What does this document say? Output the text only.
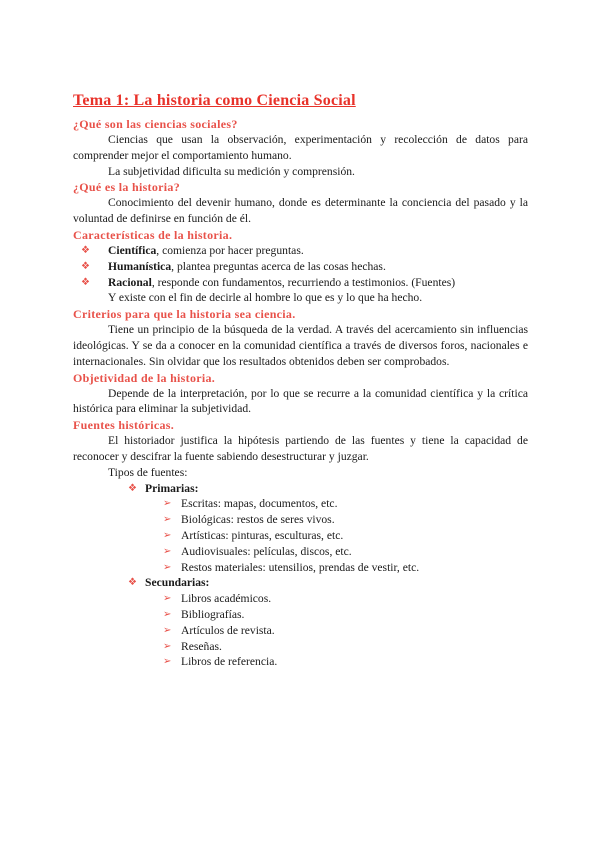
Tema 1: La historia como Ciencia Social
¿Qué son las ciencias sociales?

Ciencias que usan la observación, experimentación y recolección de datos para comprender mejor el comportamiento humano.

La subjetividad dificulta su medición y comprensión.

¿Qué es la historia?

Conocimiento del devenir humano, donde es determinante la conciencia del pasado y la voluntad de definirse en función de él.

Características de la historia.
❖ Científica, comienza por hacer preguntas.
❖ Humanística, plantea preguntas acerca de las cosas hechas.
❖ Racional, responde con fundamentos, recurriendo a testimonios. (Fuentes)

Y existe con el fin de decirle al hombre lo que es y lo que ha hecho.

Criterios para que la historia sea ciencia.

Tiene un principio de la búsqueda de la verdad. A través del acercamiento sin influencias ideológicas. Y se da a conocer en la comunidad científica a través de diversos foros, nacionales e internacionales. Sin olvidar que los resultados obtenidos deben ser comprobados.

Objetividad de la historia.

Depende de la interpretación, por lo que se recurre a la comunidad científica y la crítica histórica para eliminar la subjetividad.

Fuentes históricas.

El historiador justifica la hipótesis partiendo de las fuentes y tiene la capacidad de reconocer y descifrar la fuente sabiendo desestructurar y juzgar.

Tipos de fuentes:

❖ Primarias:
➢ Escritas: mapas, documentos, etc.
➢ Biológicas: restos de seres vivos.
➢ Artísticas: pinturas, esculturas, etc.
➢ Audiovisuales: películas, discos, etc.
➢ Restos materiales: utensilios, prendas de vestir, etc.
❖ Secundarias:
➢ Libros académicos.
➢ Bibliografías.
➢ Artículos de revista.
➢ Reseñas.
➢ Libros de referencia.
